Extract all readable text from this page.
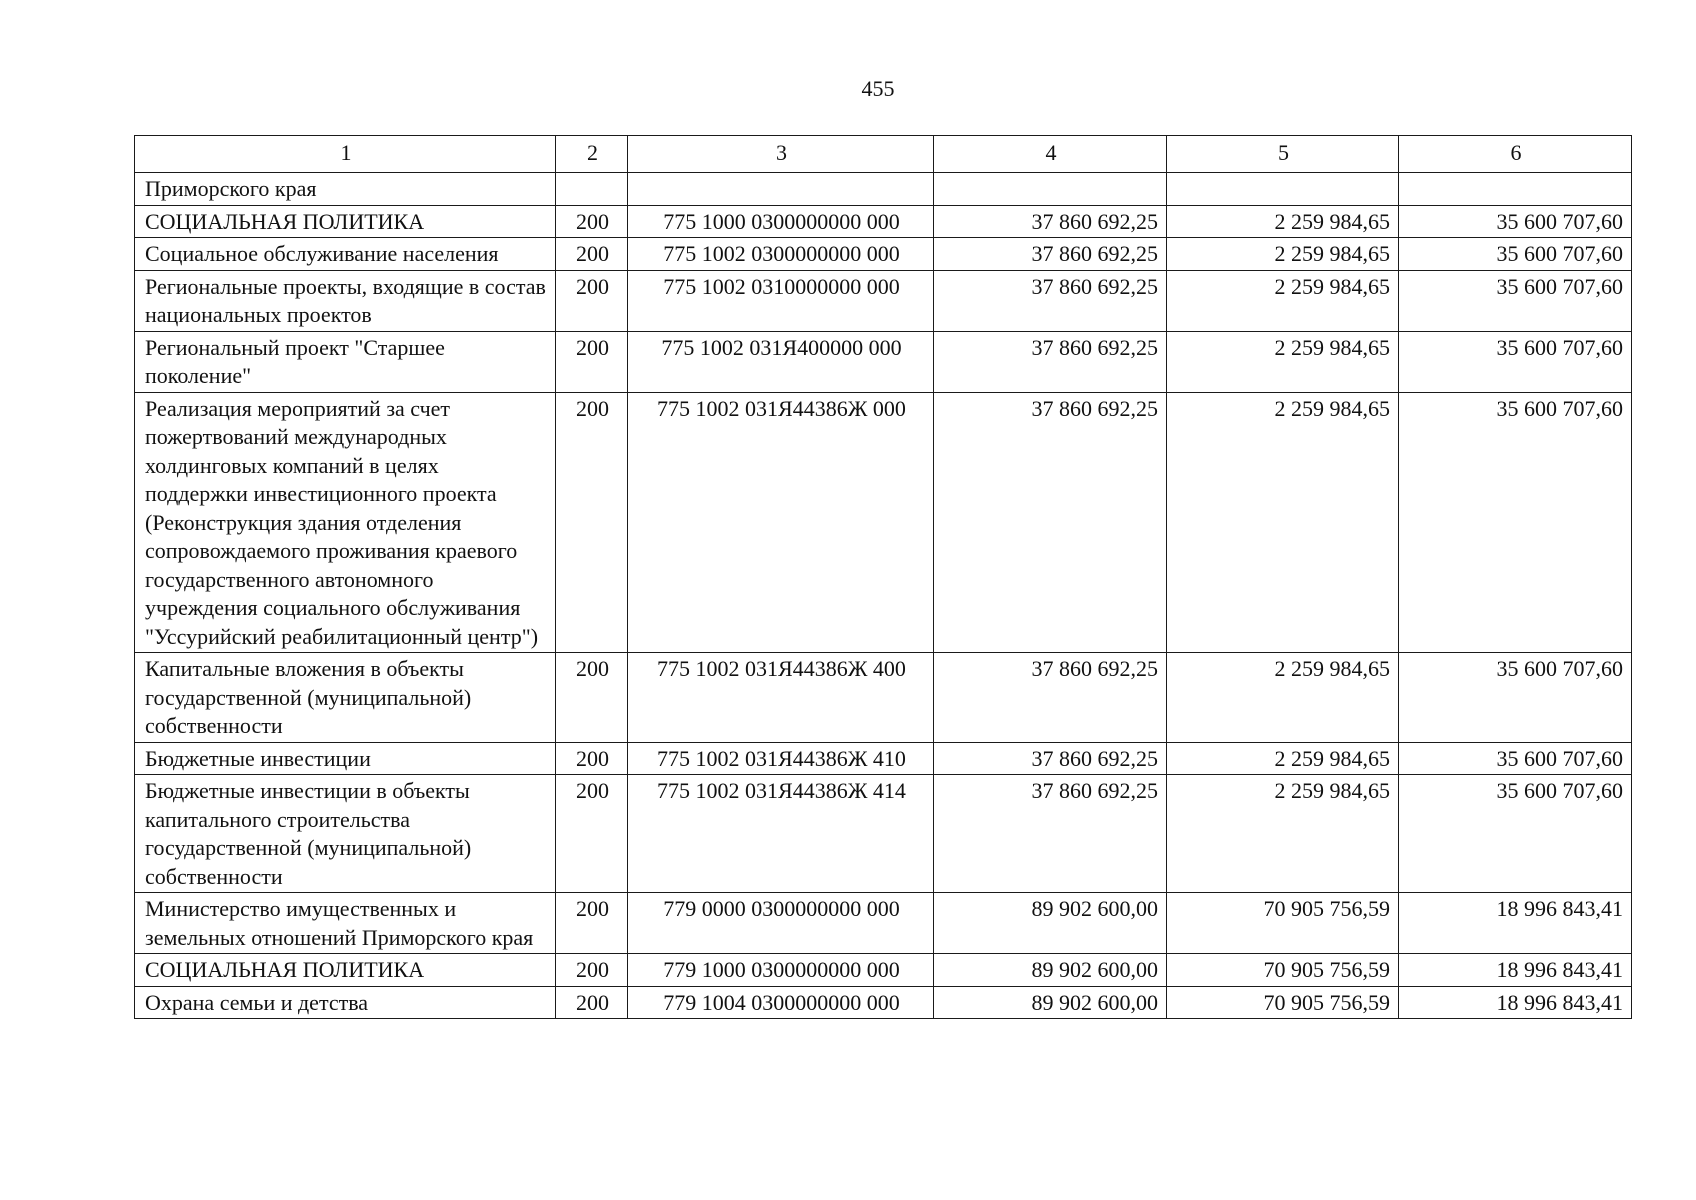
455
1	2	3	4	5	6
Приморского края					
СОЦИАЛЬНАЯ ПОЛИТИКА	200	775 1000 0300000000 000	37 860 692,25	2 259 984,65	35 600 707,60
Социальное обслуживание населения	200	775 1002 0300000000 000	37 860 692,25	2 259 984,65	35 600 707,60
Региональные проекты, входящие в состав национальных проектов	200	775 1002 0310000000 000	37 860 692,25	2 259 984,65	35 600 707,60
Региональный проект "Старшее поколение"	200	775 1002 031Я400000 000	37 860 692,25	2 259 984,65	35 600 707,60
Реализация мероприятий за счет пожертвований международных холдинговых компаний в целях поддержки инвестиционного проекта (Реконструкция здания отделения сопровождаемого проживания краевого государственного автономного учреждения социального обслуживания "Уссурийский реабилитационный центр")	200	775 1002 031Я44386Ж 000	37 860 692,25	2 259 984,65	35 600 707,60
Капитальные вложения в объекты государственной (муниципальной) собственности	200	775 1002 031Я44386Ж 400	37 860 692,25	2 259 984,65	35 600 707,60
Бюджетные инвестиции	200	775 1002 031Я44386Ж 410	37 860 692,25	2 259 984,65	35 600 707,60
Бюджетные инвестиции в объекты капитального строительства государственной (муниципальной) собственности	200	775 1002 031Я44386Ж 414	37 860 692,25	2 259 984,65	35 600 707,60
Министерство имущественных и земельных отношений Приморского края	200	779 0000 0300000000 000	89 902 600,00	70 905 756,59	18 996 843,41
СОЦИАЛЬНАЯ ПОЛИТИКА	200	779 1000 0300000000 000	89 902 600,00	70 905 756,59	18 996 843,41
Охрана семьи и детства	200	779 1004 0300000000 000	89 902 600,00	70 905 756,59	18 996 843,41
